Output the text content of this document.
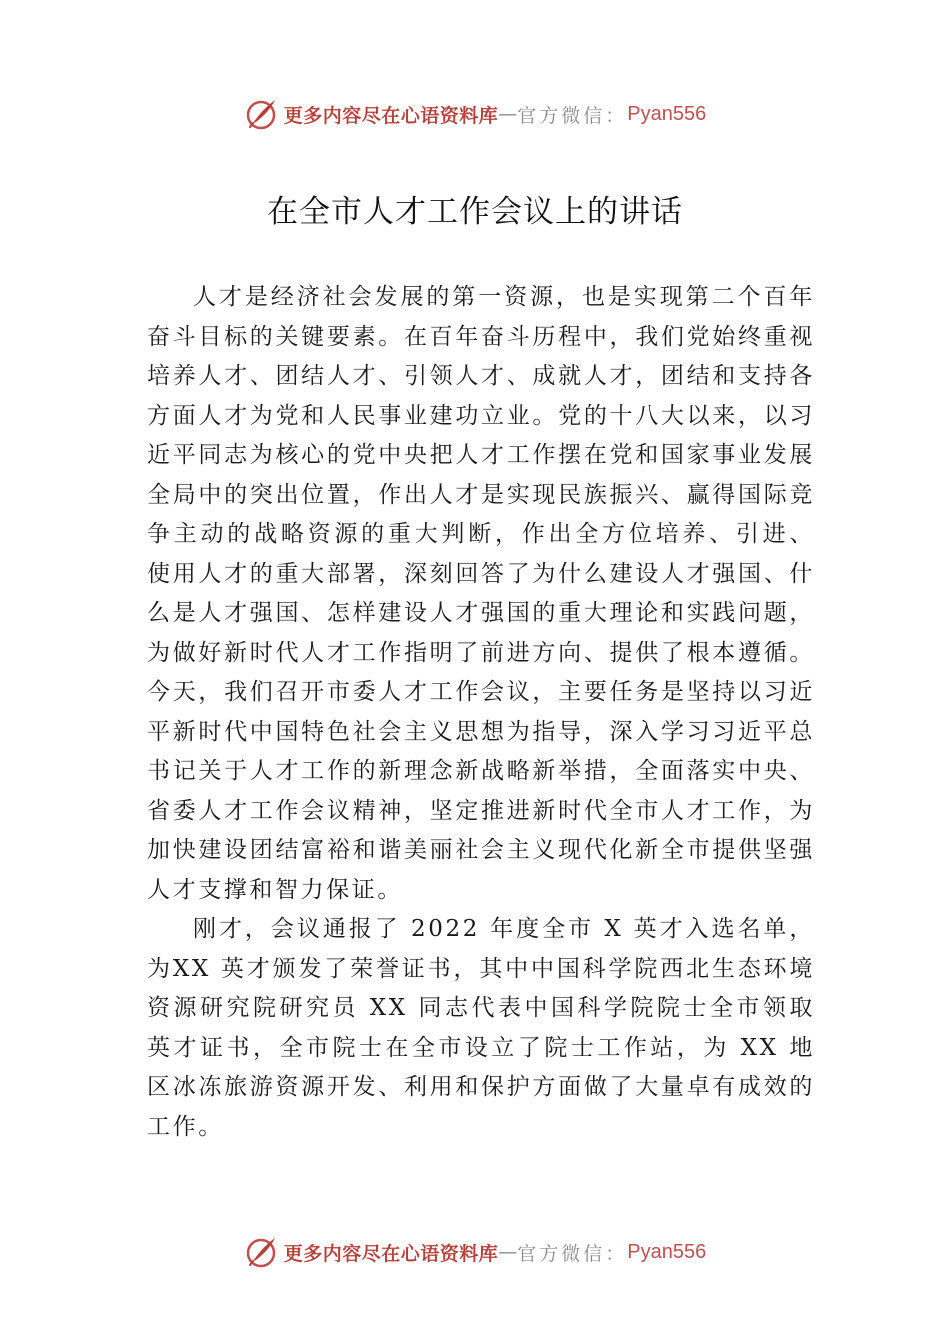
更多内容尽在心语资料库 — 官方微信： Pyan556
在全市人才工作会议上的讲话

人才是经济社会发展的第一资源，也是实现第二个百年奋斗目标的关键要素。在百年奋斗历程中，我们党始终重视培养人才、团结人才、引领人才、成就人才，团结和支持各方面人才为党和人民事业建功立业。党的十八大以来，以习近平同志为核心的党中央把人才工作摆在党和国家事业发展全局中的突出位置，作出人才是实现民族振兴、赢得国际竞争主动的战略资源的重大判断，作出全方位培养、引进、 使用人才的重大部署，深刻回答了为什么建设人才强国、什么是人才强国、怎样建设人才强国的重大理论和实践问题， 为做好新时代人才工作指明了前进方向、提供了根本遵循。 今天，我们召开市委人才工作会议，主要任务是坚持以习近平新时代中国特色社会主义思想为指导，深入学习习近平总书记关于人才工作的新理念新战略新举措，全面落实中央、 省委人才工作会议精神，坚定推进新时代全市人才工作，为加快建设团结富裕和谐美丽社会主义现代化新全市提供坚强人才支撑和智力保证。

刚才，会议通报了 2022 年度全市 X 英才入选名单，为XX 英才颁发了荣誉证书，其中中国科学院西北生态环境资源研究院研究员 XX 同志代表中国科学院院士全市领取英才证书，全市院士在全市设立了院士工作站，为 XX 地区冰冻旅游资源开发、利用和保护方面做了大量卓有成效的工作。

更多内容尽在心语资料库 — 官方微信： Pyan556
